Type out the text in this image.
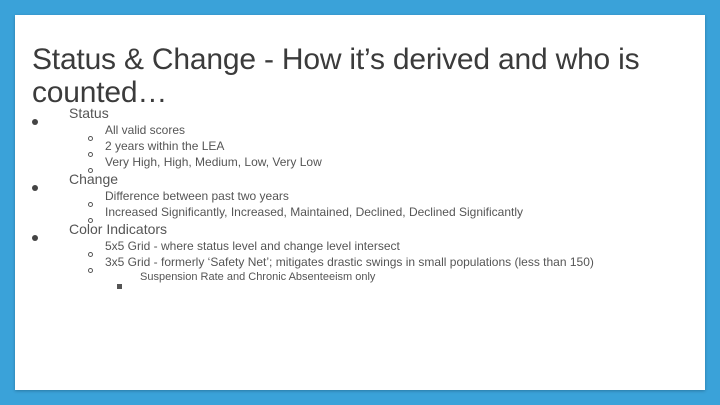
Status & Change - How it’s derived and who is counted…
Status
All valid scores
2 years within the LEA
Very High, High, Medium, Low, Very Low
Change
Difference between past two years
Increased Significantly, Increased, Maintained, Declined, Declined Significantly
Color Indicators
5x5 Grid - where status level and change level intersect
3x5 Grid - formerly ‘Safety Net’; mitigates drastic swings in small populations (less than 150)
Suspension Rate and Chronic Absenteeism only
